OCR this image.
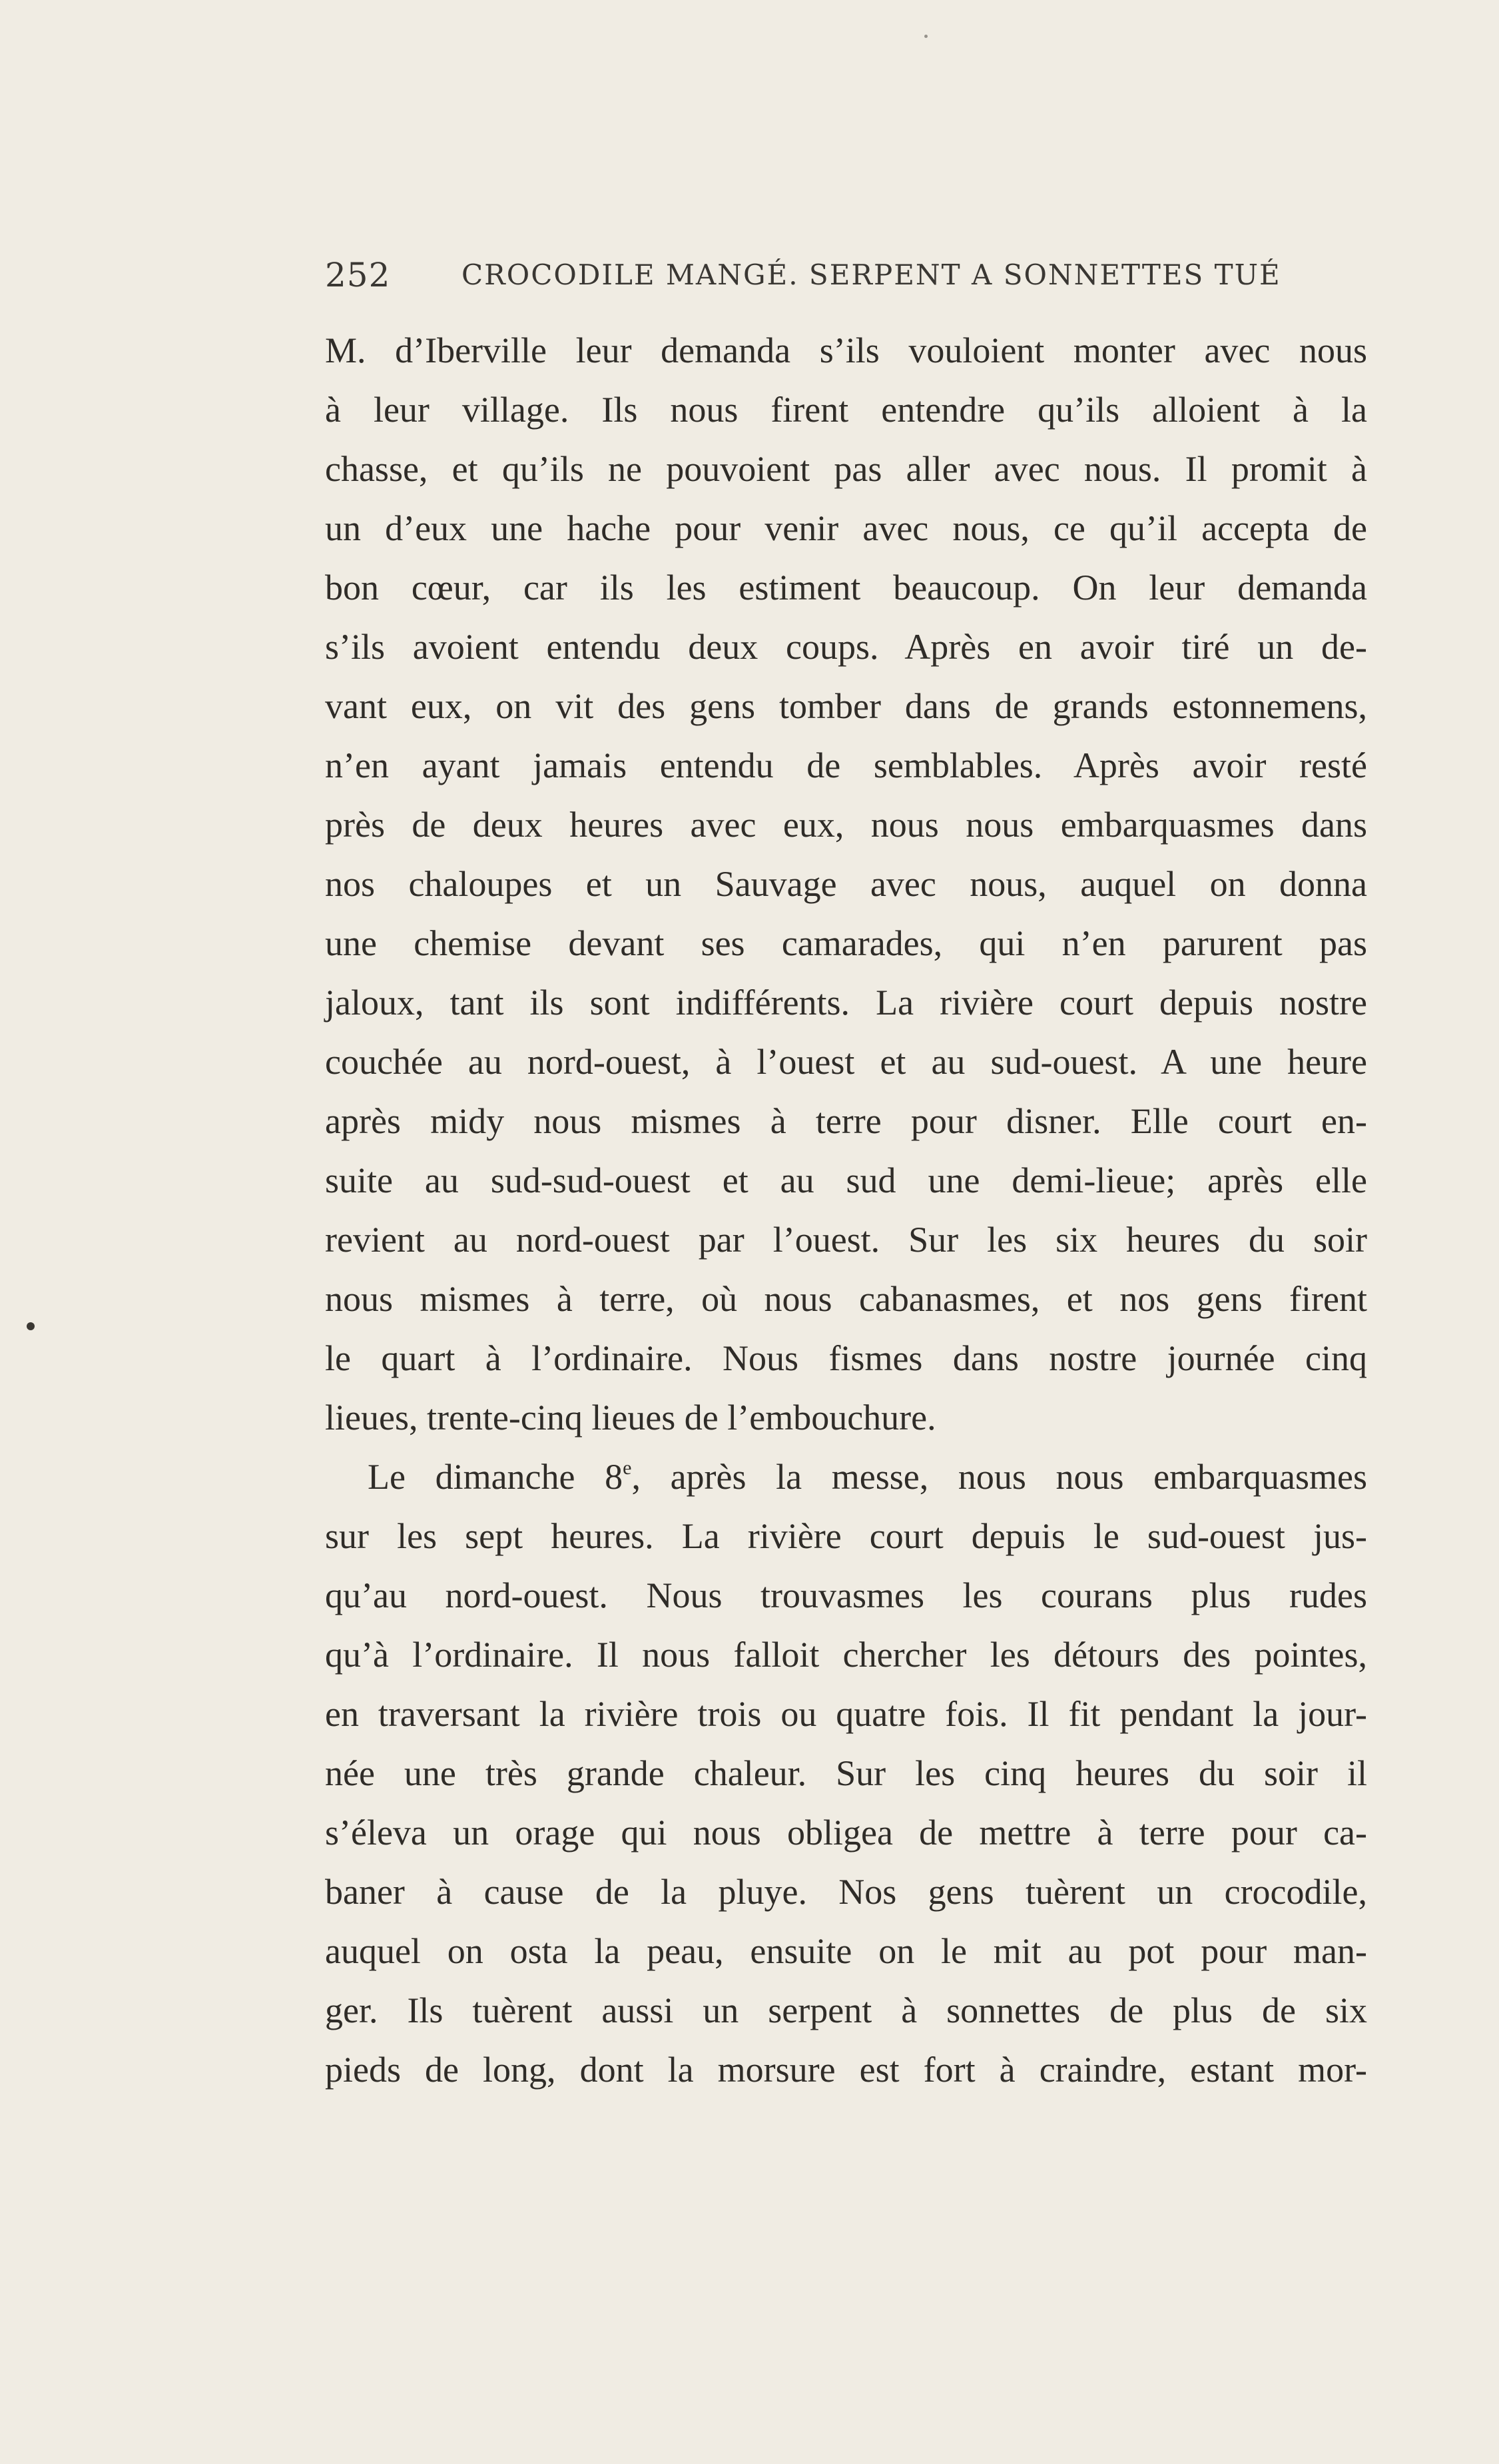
252	CROCODILE MANGÉ. SERPENT A SONNETTES TUÉ
M. d’Iberville leur demanda s’ils vouloient monter avec nous
à leur village. Ils nous firent entendre qu’ils alloient à la
chasse, et qu’ils ne pouvoient pas aller avec nous. Il promit à
un d’eux une hache pour venir avec nous, ce qu’il accepta de
bon cœur, car ils les estiment beaucoup. On leur demanda
s’ils avoient entendu deux coups. Après en avoir tiré un de-
vant eux, on vit des gens tomber dans de grands estonnemens,
n’en ayant jamais entendu de semblables. Après avoir resté
près de deux heures avec eux, nous nous embarquasmes dans
nos chaloupes et un Sauvage avec nous, auquel on donna
une chemise devant ses camarades, qui n’en parurent pas
jaloux, tant ils sont indifférents. La rivière court depuis nostre
couchée au nord-ouest, à l’ouest et au sud-ouest. A une heure
après midy nous mismes à terre pour disner. Elle court en-
suite au sud-sud-ouest et au sud une demi-lieue; après elle
revient au nord-ouest par l’ouest. Sur les six heures du soir
nous mismes à terre, où nous cabanasmes, et nos gens firent
le quart à l’ordinaire. Nous fismes dans nostre journée cinq
lieues, trente-cinq lieues de l’embouchure.
Le dimanche 8e, après la messe, nous nous embarquasmes
sur les sept heures. La rivière court depuis le sud-ouest jus-
qu’au nord-ouest. Nous trouvasmes les courans plus rudes
qu’à l’ordinaire. Il nous falloit chercher les détours des pointes,
en traversant la rivière trois ou quatre fois. Il fit pendant la jour-
née une très grande chaleur. Sur les cinq heures du soir il
s’éleva un orage qui nous obligea de mettre à terre pour ca-
baner à cause de la pluye. Nos gens tuèrent un crocodile,
auquel on osta la peau, ensuite on le mit au pot pour man-
ger. Ils tuèrent aussi un serpent à sonnettes de plus de six
pieds de long, dont la morsure est fort à craindre, estant mor-
